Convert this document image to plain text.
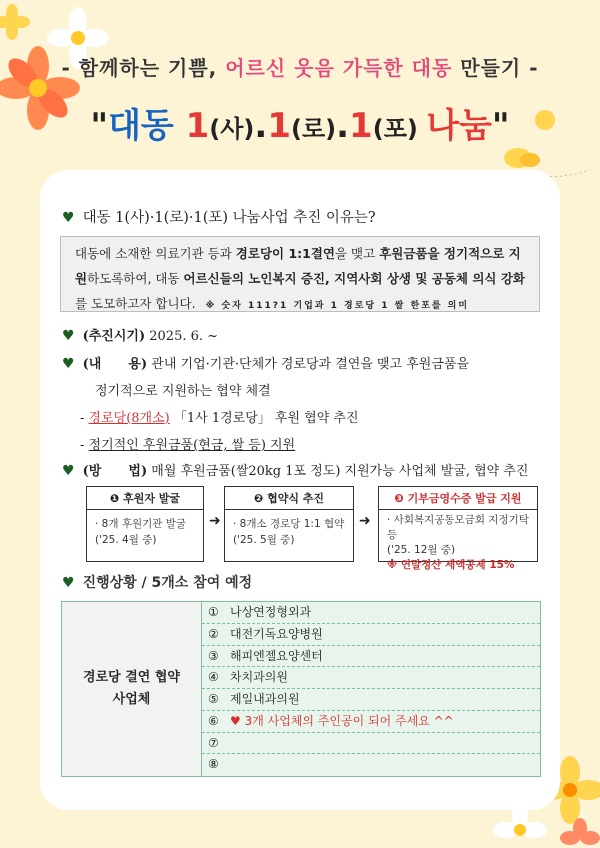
- 함께하는 기쁨, 어르신 웃음 가득한 대동 만들기 -
"대동 1(사).1(로).1(포) 나눔"
♥ 대동 1(사)·1(로)·1(포) 나눔사업 추진 이유는?
대동에 소재한 의료기관 등과 경로당이 1:1결연을 맺고 후원금품을 정기적으로 지원하도록하여, 대동 어르신들의 노인복지 증진, 지역사회 상생 및 공동체 의식 강화를 도모하고자 합니다. ※ 숫자 111?1 기업과 1 경로당 1 쌀 한포를 의미
♥ (추진시기) 2025. 6. ~
♥ (내      용) 관내 기업·기관·단체가 경로당과 결연을 맺고 후원금품을
정기적으로 지원하는 협약 체결
- 경로당(8개소) 「1사 1경로당」 후원 협약 추진
- 정기적인 후원금품(현금, 쌀 등) 지원
♥ (방      법) 매월 후원금품(쌀20kg 1포 정도) 지원가능 사업체 발굴, 협약 추진
❶ 후원자 발굴
· 8개 후원기관 발굴
('25. 4월 중)
➜
❷ 협약식 추진
· 8개소 경로당 1:1 협약
('25. 5월 중)
➜
❸ 기부금영수증 발급 지원
· 사회복지공동모금회 지정기탁 등
('25. 12월 중)
※ 연말정산 세액공제 15%
♥ 진행상황 / 5개소 참여 예정
경로당 결연 협약
사업체
① 나상연정형외과
② 대전기독요양병원
③ 해피엔젤요양센터
④ 차치과의원
⑤ 제일내과의원
⑥ ♥ 3개 사업체의 주인공이 되어 주세요 ^^
⑦
⑧
